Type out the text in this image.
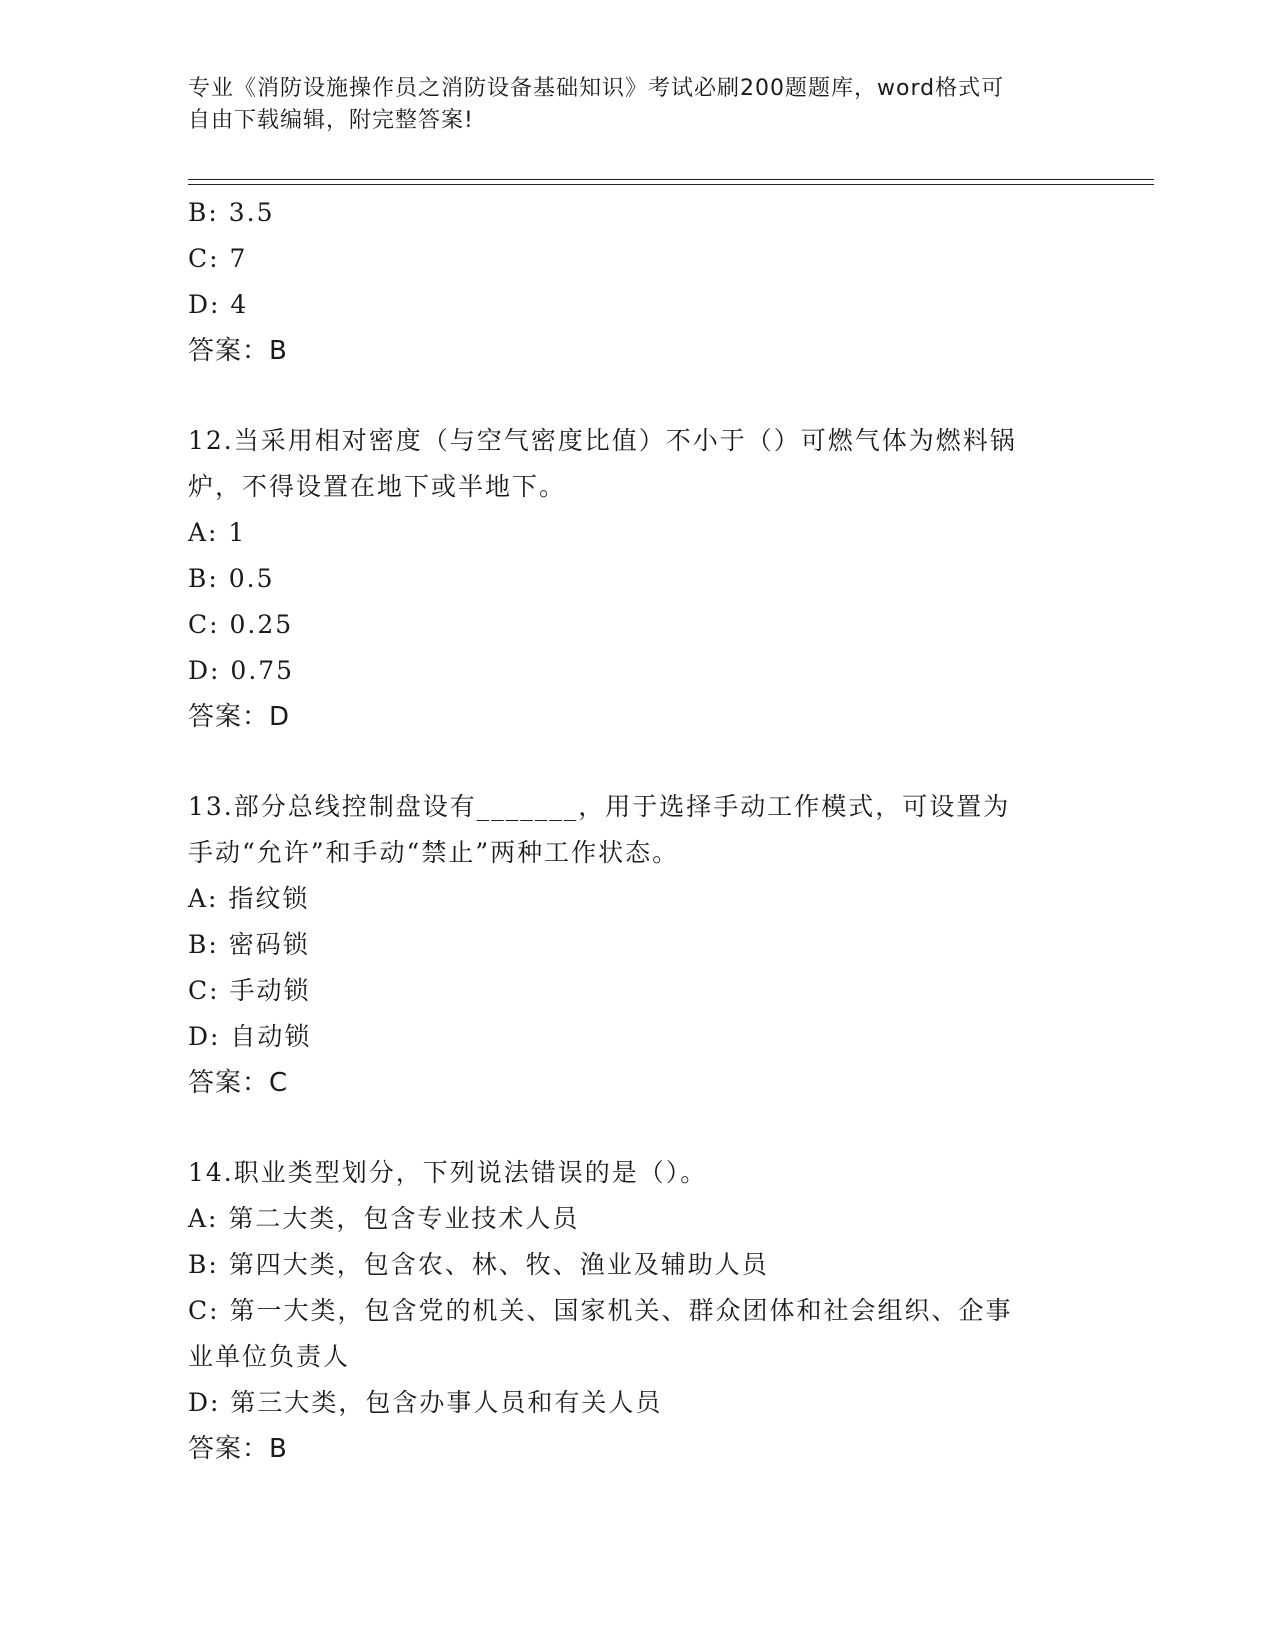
专业《消防设施操作员之消防设备基础知识》考试必刷200题题库，word格式可
自由下载编辑，附完整答案!
B: 3.5
C: 7
D: 4
答案：B
12.当采用相对密度（与空气密度比值）不小于（）可燃气体为燃料锅
炉，不得设置在地下或半地下。
A: 1
B: 0.5
C: 0.25
D: 0.75
答案：D
13.部分总线控制盘设有_______，用于选择手动工作模式，可设置为
手动“允许”和手动“禁止”两种工作状态。
A: 指纹锁
B: 密码锁
C: 手动锁
D: 自动锁
答案：C
14.职业类型划分，下列说法错误的是（）。
A: 第二大类，包含专业技术人员
B: 第四大类，包含农、林、牧、渔业及辅助人员
C: 第一大类，包含党的机关、国家机关、群众团体和社会组织、企事
业单位负责人
D: 第三大类，包含办事人员和有关人员
答案：B
